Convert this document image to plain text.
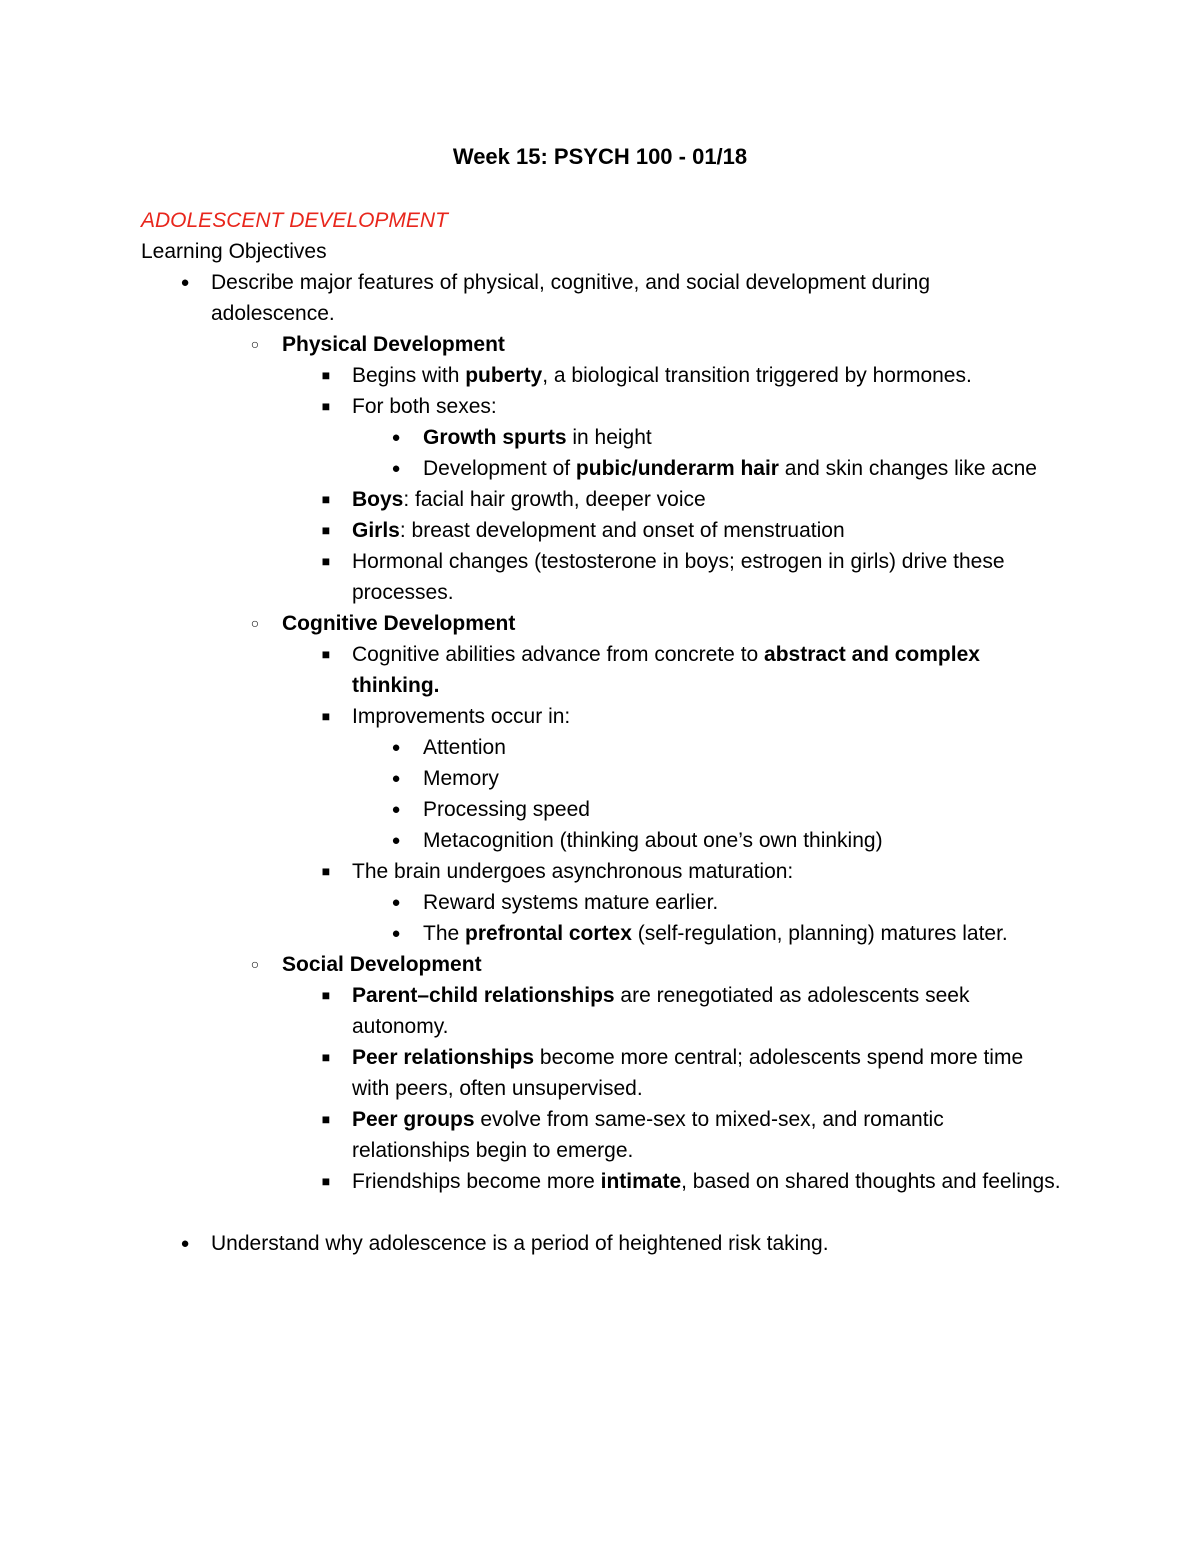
Week 15: PSYCH 100 - 01/18
ADOLESCENT DEVELOPMENT
Learning Objectives
● Describe major features of physical, cognitive, and social development during adolescence.
○ Physical Development
■ Begins with puberty, a biological transition triggered by hormones.
■ For both sexes:
● Growth spurts in height
● Development of pubic/underarm hair and skin changes like acne
■ Boys: facial hair growth, deeper voice
■ Girls: breast development and onset of menstruation
■ Hormonal changes (testosterone in boys; estrogen in girls) drive these processes.
○ Cognitive Development
■ Cognitive abilities advance from concrete to abstract and complex thinking.
■ Improvements occur in:
● Attention
● Memory
● Processing speed
● Metacognition (thinking about one’s own thinking)
■ The brain undergoes asynchronous maturation:
● Reward systems mature earlier.
● The prefrontal cortex (self-regulation, planning) matures later.
○ Social Development
■ Parent–child relationships are renegotiated as adolescents seek autonomy.
■ Peer relationships become more central; adolescents spend more time with peers, often unsupervised.
■ Peer groups evolve from same-sex to mixed-sex, and romantic relationships begin to emerge.
■ Friendships become more intimate, based on shared thoughts and feelings.
● Understand why adolescence is a period of heightened risk taking.
